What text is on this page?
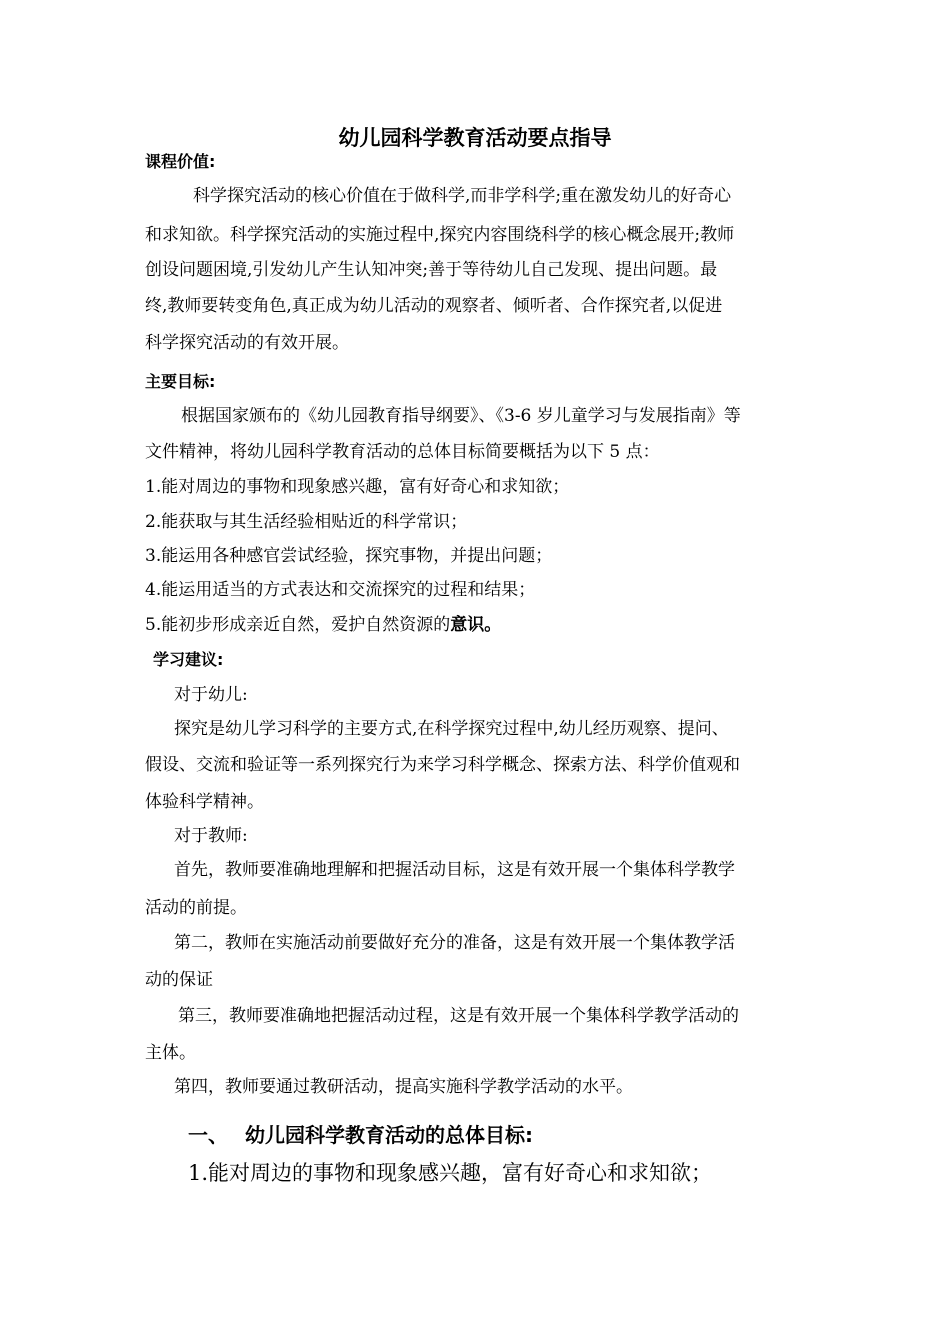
幼儿园科学教育活动要点指导
课程价值:
科学探究活动的核心价值在于做科学,而非学科学;重在激发幼儿的好奇心
和求知欲。科学探究活动的实施过程中,探究内容围绕科学的核心概念展开;教师
创设问题困境,引发幼儿产生认知冲突;善于等待幼儿自己发现、提出问题。最
终,教师要转变角色,真正成为幼儿活动的观察者、倾听者、合作探究者,以促进
科学探究活动的有效开展。
主要目标:
根据国家颁布的《幼儿园教育指导纲要》、《3-6 岁儿童学习与发展指南》等
文件精神，将幼儿园科学教育活动的总体目标简要概括为以下 5 点：
1.能对周边的事物和现象感兴趣，富有好奇心和求知欲；
2.能获取与其生活经验相贴近的科学常识；
3.能运用各种感官尝试经验，探究事物，并提出问题；
4.能运用适当的方式表达和交流探究的过程和结果；
5.能初步形成亲近自然，爱护自然资源的意识。
学习建议:
对于幼儿:
探究是幼儿学习科学的主要方式,在科学探究过程中,幼儿经历观察、提问、
假设、交流和验证等一系列探究行为来学习科学概念、探索方法、科学价值观和
体验科学精神。
对于教师:
首先，教师要准确地理解和把握活动目标，这是有效开展一个集体科学教学
活动的前提。
第二，教师在实施活动前要做好充分的准备，这是有效开展一个集体教学活
动的保证
第三，教师要准确地把握活动过程，这是有效开展一个集体科学教学活动的
主体。
第四，教师要通过教研活动，提高实施科学教学活动的水平。
一、 幼儿园科学教育活动的总体目标:
1.能对周边的事物和现象感兴趣，富有好奇心和求知欲；
